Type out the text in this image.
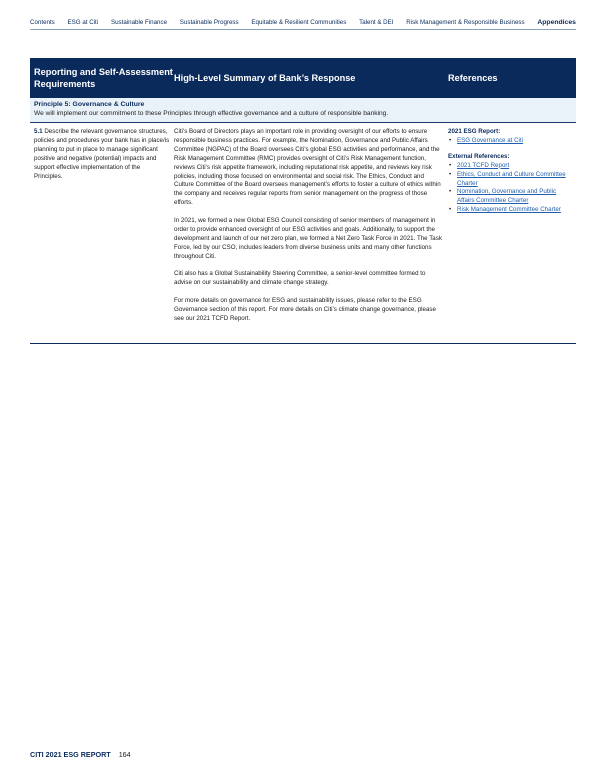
Contents ESG at Citi Sustainable Finance Sustainable Progress Equitable & Resilient Communities Talent & DEI Risk Management & Responsible Business Appendices
Reporting and Self-Assessment Requirements
High-Level Summary of Bank’s Response	References
Principle 5: Governance & Culture
We will implement our commitment to these Principles through effective governance and a culture of responsible banking.
5.1 Describe the relevant governance structures, policies and procedures your bank has in place/is planning to put in place to manage significant positive and negative (potential) impacts and support effective implementation of the Principles.

Citi’s Board of Directors plays an important role in providing oversight of our efforts to ensure responsible business practices. For example, the Nomination, Governance and Public Affairs Committee (NGPAC) of the Board oversees Citi’s global ESG activities and performance, and the Risk Management Committee (RMC) provides oversight of Citi’s Risk Management function, reviews Citi’s risk appetite framework, including reputational risk appetite, and reviews key risk policies, including those focused on environmental and social risk. The Ethics, Conduct and Culture Committee of the Board oversees management’s efforts to foster a culture of ethics within the company and receives regular reports from senior management on the progress of those efforts.

In 2021, we formed a new Global ESG Council consisting of senior members of management in order to provide enhanced oversight of our ESG activities and goals. Additionally, to support the development and launch of our net zero plan, we formed a Net Zero Task Force in 2021. The Task Force, led by our CSO, includes leaders from diverse business units and many other functions throughout Citi.

Citi also has a Global Sustainability Steering Committee, a senior-level committee formed to advise on our sustainability and climate change strategy.

For more details on governance for ESG and sustainability issues, please refer to the ESG Governance section of this report. For more details on Citi’s climate change governance, please see our 2021 TCFD Report.

2021 ESG Report:
• ESG Governance at Citi
External References:
• 2021 TCFD Report
• Ethics, Conduct and Culture Committee Charter
• Nomination, Governance and Public Affairs Committee Charter
• Risk Management Committee Charter
CITI 2021 ESG REPORT 164
